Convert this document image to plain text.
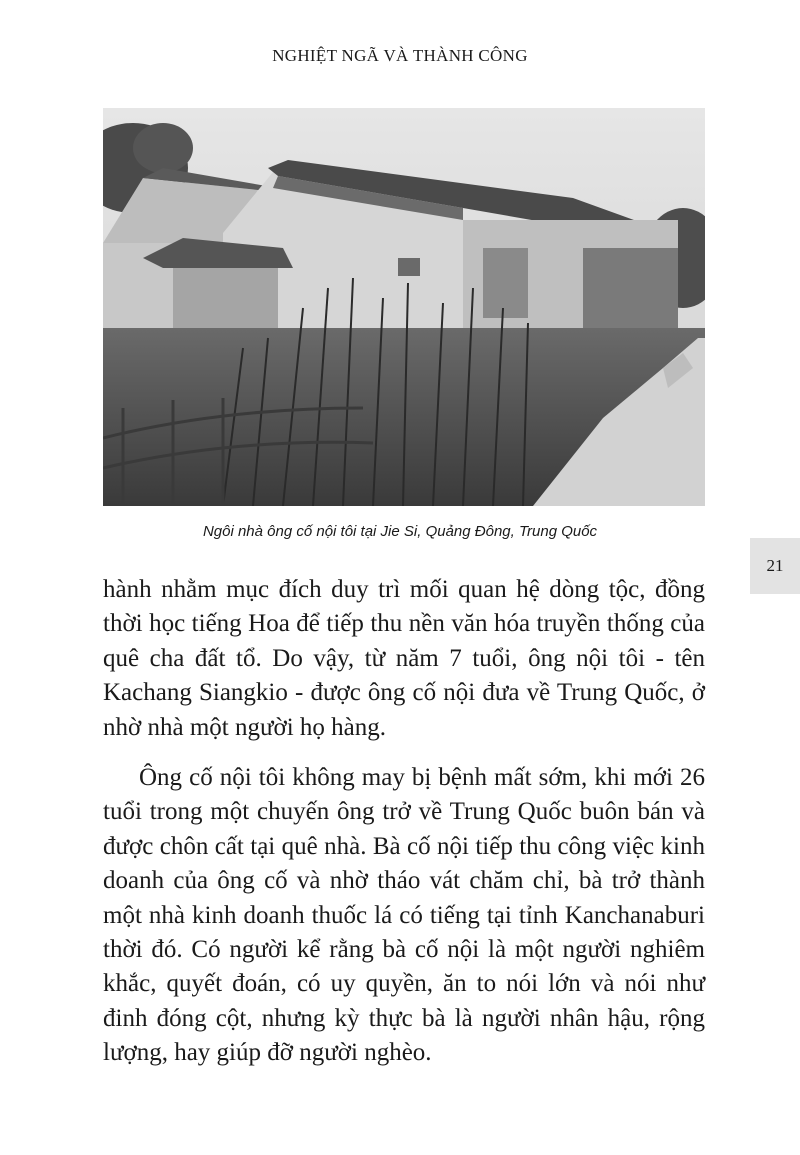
NGHIỆT NGÃ VÀ THÀNH CÔNG
Ngôi nhà ông cố nội tôi tại Jie Si, Quảng Đông, Trung Quốc
21

hành nhằm mục đích duy trì mối quan hệ dòng tộc, đồng thời học tiếng Hoa để tiếp thu nền văn hóa truyền thống của quê cha đất tổ. Do vậy, từ năm 7 tuổi, ông nội tôi - tên Kachang Siangkio - được ông cố nội đưa về Trung Quốc, ở nhờ nhà một người họ hàng.

Ông cố nội tôi không may bị bệnh mất sớm, khi mới 26 tuổi trong một chuyến ông trở về Trung Quốc buôn bán và được chôn cất tại quê nhà. Bà cố nội tiếp thu công việc kinh doanh của ông cố và nhờ tháo vát chăm chỉ, bà trở thành một nhà kinh doanh thuốc lá có tiếng tại tỉnh Kanchanaburi thời đó. Có người kể rằng bà cố nội là một người nghiêm khắc, quyết đoán, có uy quyền, ăn to nói lớn và nói như đinh đóng cột, nhưng kỳ thực bà là người nhân hậu, rộng lượng, hay giúp đỡ người nghèo.
